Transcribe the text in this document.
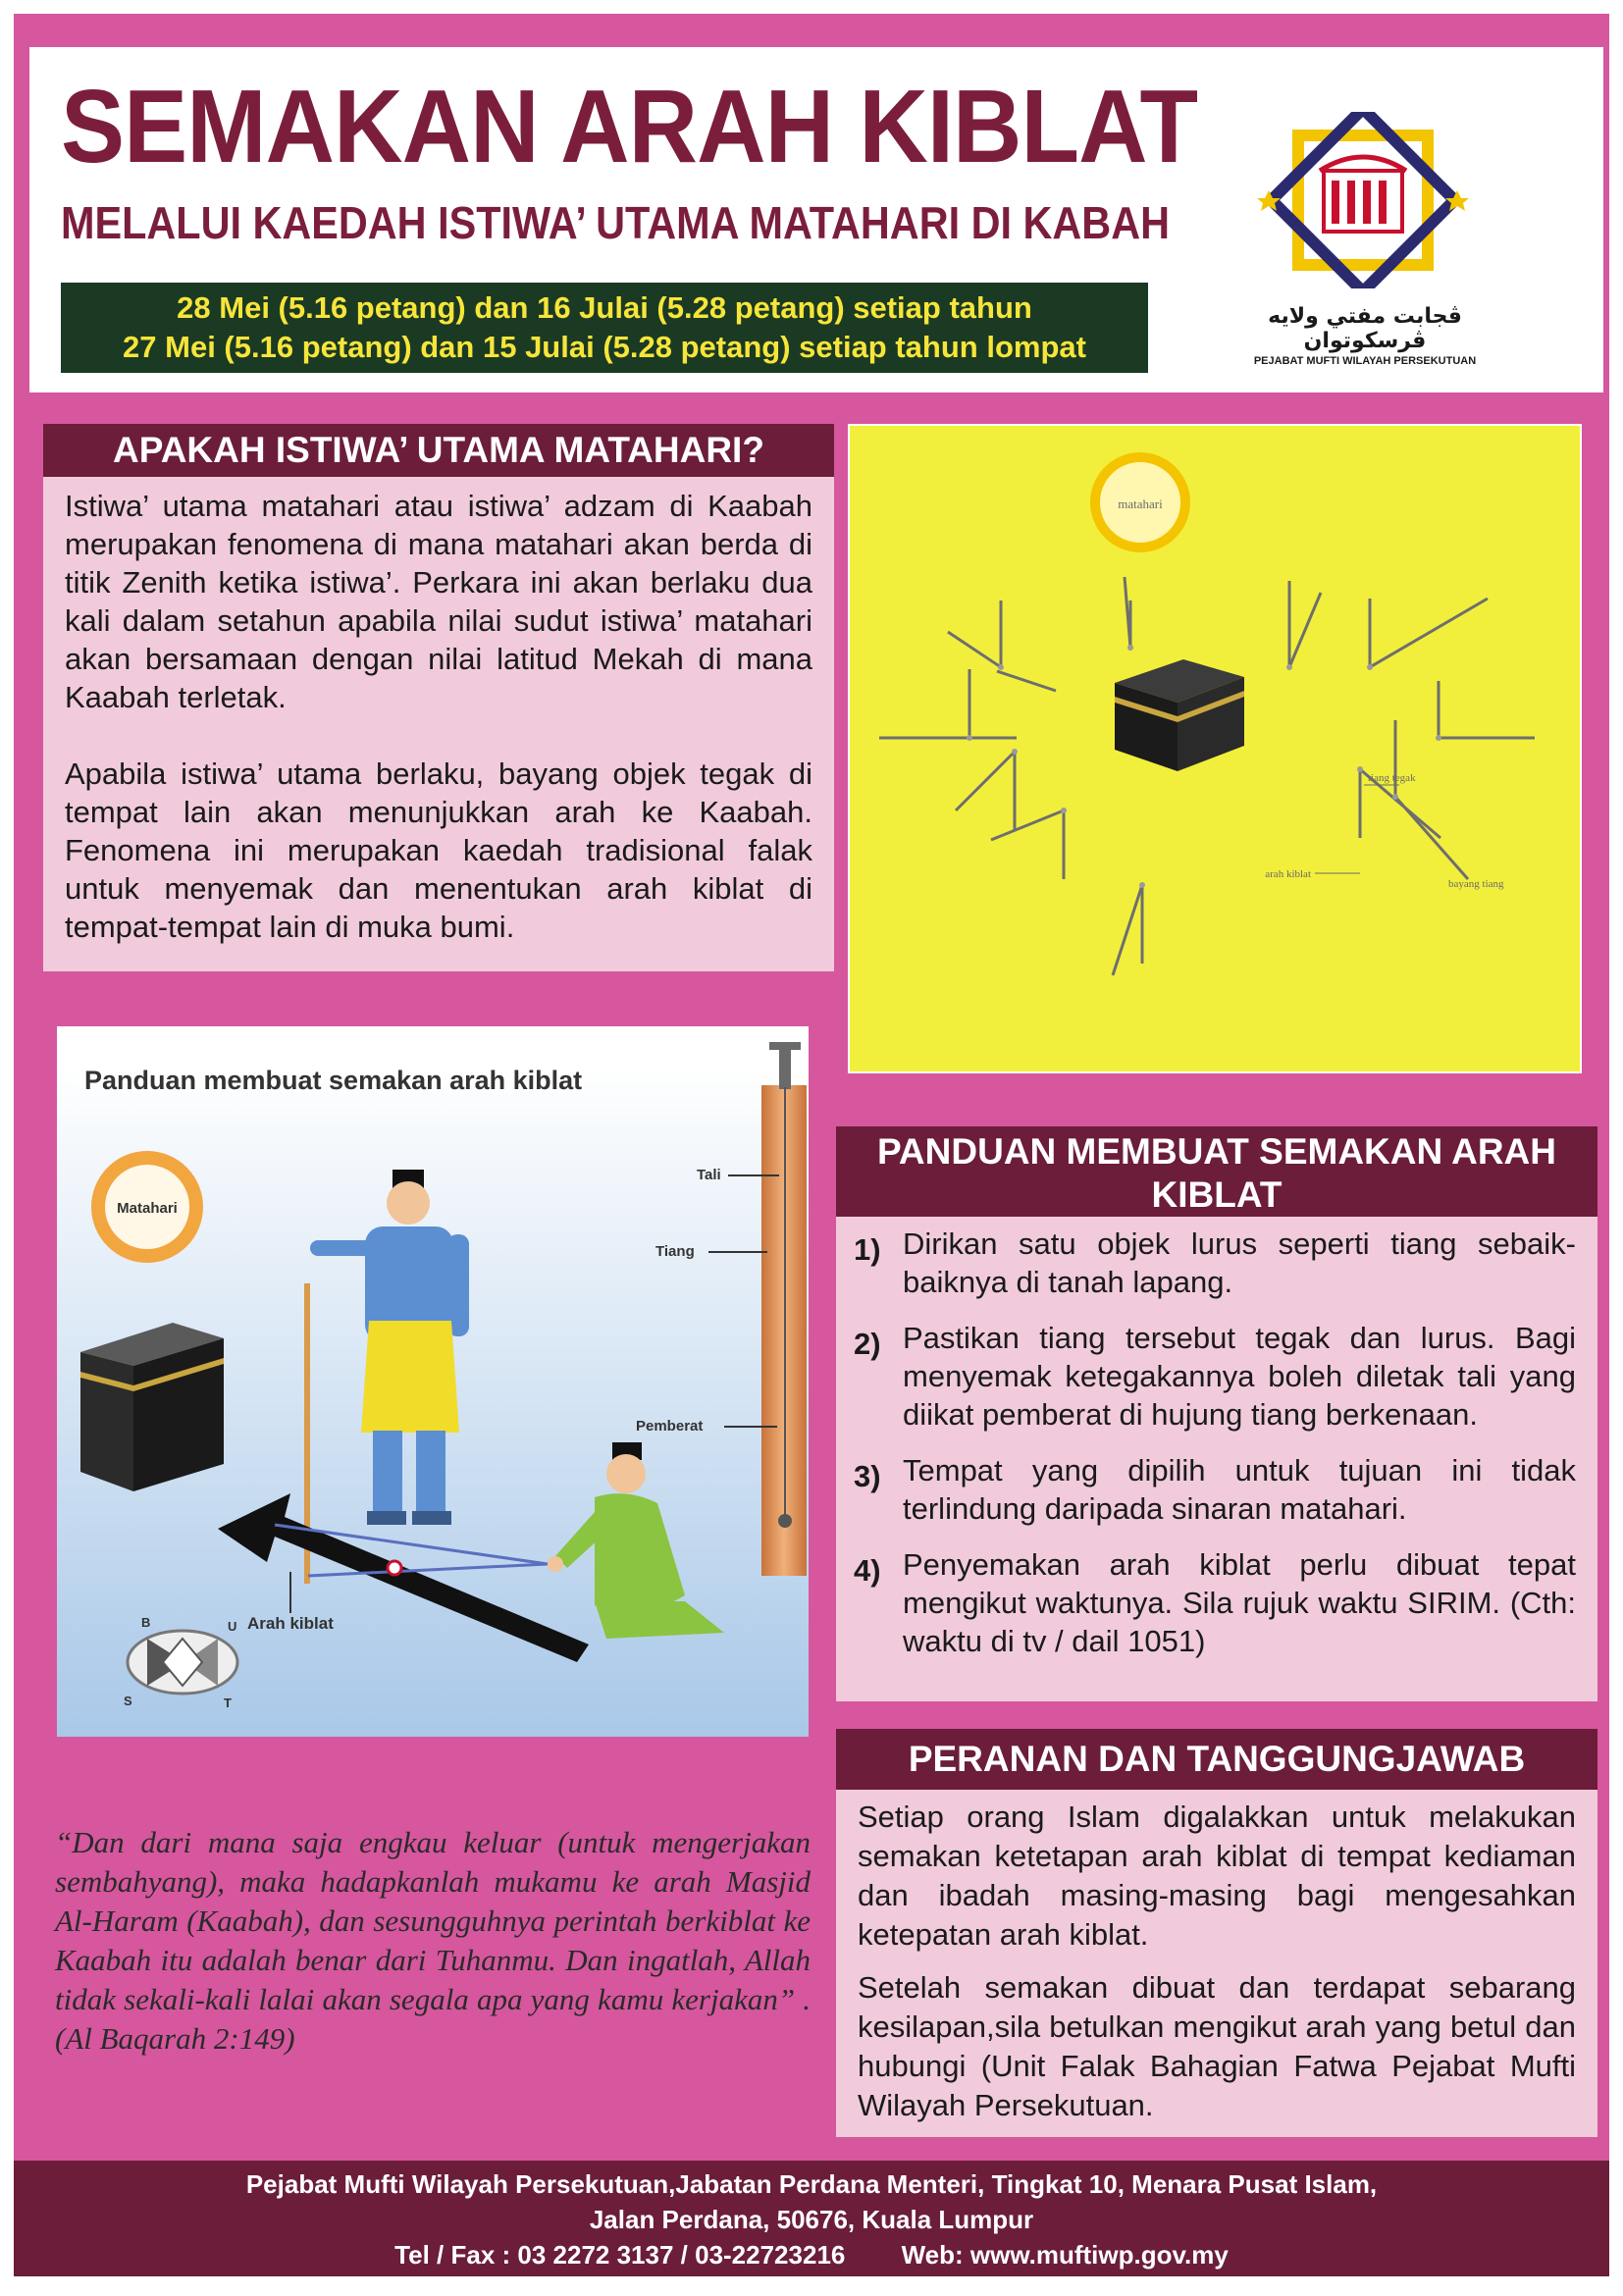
SEMAKAN ARAH KIBLAT
MELALUI KAEDAH ISTIWA’ UTAMA MATAHARI DI KABAH
28 Mei (5.16 petang) dan 16 Julai (5.28 petang) setiap tahun
27 Mei (5.16 petang) dan 15 Julai (5.28 petang) setiap tahun lompat
ڤجابت مفتي ولايه ڤرسكوتوان
PEJABAT MUFTI WILAYAH PERSEKUTUAN
APAKAH ISTIWA’ UTAMA MATAHARI?

Istiwa’ utama matahari atau istiwa’ adzam di Kaabah merupakan fenomena di mana matahari akan berda di titik Zenith ketika istiwa’. Perkara ini akan berlaku dua kali dalam setahun apabila nilai sudut istiwa’ matahari akan bersamaan dengan nilai latitud Mekah di mana Kaabah terletak.

Apabila istiwa’ utama berlaku, bayang objek tegak di tempat lain akan menunjukkan arah ke Kaabah. Fenomena ini merupakan kaedah tradisional falak untuk menyemak dan menentukan arah kiblat di tempat-tempat lain di muka bumi.

matahari
tiang tegak
arah kiblat
bayang tiang
Panduan membuat semakan arah kiblat
Matahari
Tali
Tiang
Pemberat
Arah kiblat
B	U
S	T
PANDUAN MEMBUAT SEMAKAN ARAH KIBLAT
1) Dirikan satu objek lurus seperti tiang sebaik-baiknya di tanah lapang.
2) Pastikan tiang tersebut tegak dan lurus. Bagi menyemak ketegakannya boleh diletak tali yang diikat pemberat di hujung tiang berkenaan.
3) Tempat yang dipilih untuk tujuan ini tidak terlindung daripada sinaran matahari.
4) Penyemakan arah kiblat perlu dibuat tepat mengikut waktunya. Sila rujuk waktu SIRIM. (Cth: waktu di tv / dail 1051)
“Dan dari mana saja engkau keluar (untuk mengerjakan sembahyang), maka hadapkanlah mukamu ke arah Masjid Al-Haram (Kaabah), dan sesungguhnya perintah berkiblat ke Kaabah itu adalah benar dari Tuhanmu. Dan ingatlah, Allah tidak sekali-kali lalai akan segala apa yang kamu kerjakan” .(Al Baqarah 2:149)
PERANAN DAN TANGGUNGJAWAB

Setiap orang Islam digalakkan untuk melakukan semakan ketetapan arah kiblat di tempat kediaman dan ibadah masing-masing bagi mengesahkan ketepatan arah kiblat.

Setelah semakan dibuat dan terdapat sebarang kesilapan,sila betulkan mengikut arah yang betul dan hubungi (Unit Falak Bahagian Fatwa Pejabat Mufti Wilayah Persekutuan.

Pejabat Mufti Wilayah Persekutuan,Jabatan Perdana Menteri, Tingkat 10, Menara Pusat Islam,
Jalan Perdana, 50676, Kuala Lumpur
Tel / Fax : 03 2272 3137 / 03-22723216 Web: www.muftiwp.gov.my
